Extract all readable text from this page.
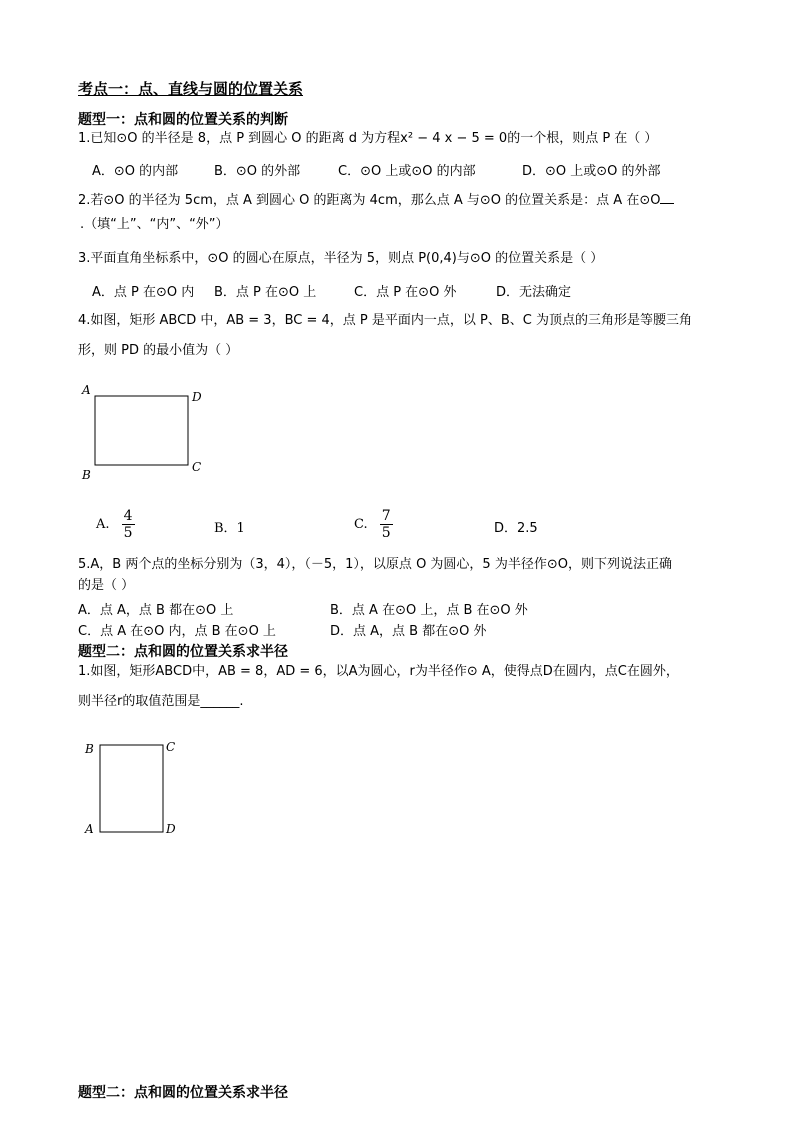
考点一：点、直线与圆的位置关系
题型一：点和圆的位置关系的判断
1.已知⊙O 的半径是 8，点 P 到圆心 O 的距离 d 为方程x² − 4 x − 5 = 0的一个根，则点 P 在（ ）
A．⊙O 的内部	B．⊙O 的外部	C．⊙O 上或⊙O 的内部	D．⊙O 上或⊙O 的外部
2.若⊙O 的半径为 5cm，点 A 到圆心 O 的距离为 4cm，那么点 A 与⊙O 的位置关系是：点 A 在⊙O
.（填“上”、“内”、“外”）
3.平面直角坐标系中，⊙O 的圆心在原点，半径为 5，则点 P(0,4)与⊙O 的位置关系是（ ）
A．点 P 在⊙O 内 B．点 P 在⊙O 上	C．点 P 在⊙O 外	D．无法确定
4.如图，矩形 ABCD 中，AB = 3，BC = 4，点 P 是平面内一点，以 P、B、C 为顶点的三角形是等腰三角
形，则 PD 的最小值为（ ）
A	D
B
C
A. $\frac{4}{5}$	B．1	C. $\frac{7}{5}$	D．2.5
5.A，B 两个点的坐标分别为（3，4），（－5，1），以原点 O 为圆心，5 为半径作⊙O，则下列说法正确
的是（ ）
A．点 A，点 B 都在⊙O 上	B．点 A 在⊙O 上，点 B 在⊙O 外
C．点 A 在⊙O 内，点 B 在⊙O 上	D．点 A，点 B 都在⊙O 外
题型二：点和圆的位置关系求半径
1.如图，矩形ABCD中，AB = 8，AD = 6，以A为圆心，r为半径作⊙ A，使得点D在圆内，点C在圆外，
则半径r的取值范围是______.
B	C
A	D
题型二：点和圆的位置关系求半径
